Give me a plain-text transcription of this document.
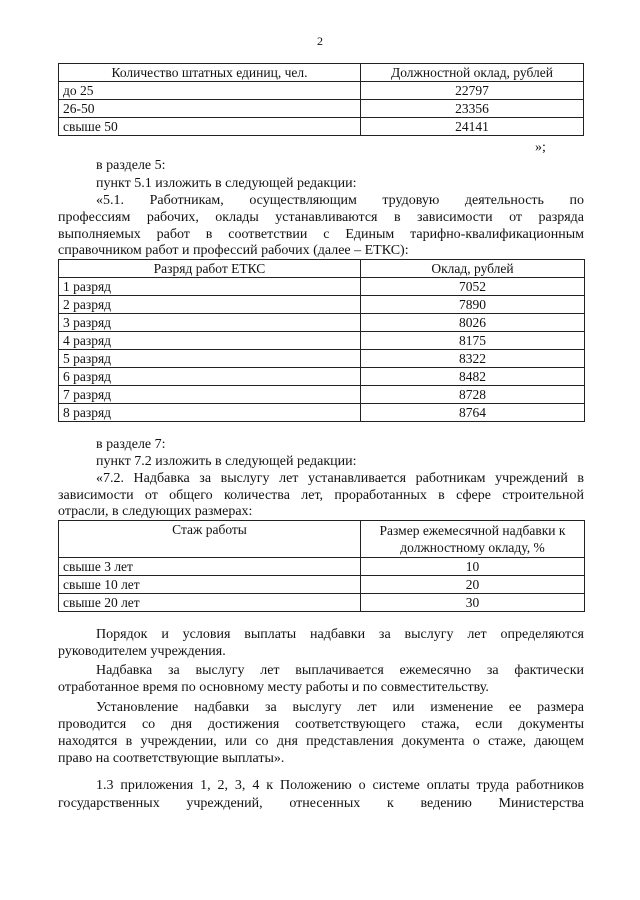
2
Количество штатных единиц, чел.	Должностной оклад, рублей
до 25	22797
26-50	23356
свыше 50	24141
»;
в разделе 5:
пункт 5.1 изложить в следующей редакции:
«5.1. Работникам, осуществляющим трудовую деятельность по
профессиям рабочих, оклады устанавливаются в зависимости от разряда
выполняемых работ в соответствии с Единым тарифно-квалификационным
справочником работ и профессий рабочих (далее – ЕТКС):
Разряд работ ЕТКС	Оклад, рублей
1 разряд	7052
2 разряд	7890
3 разряд	8026
4 разряд	8175
5 разряд	8322
6 разряд	8482
7 разряд	8728
8 разряд	8764
в разделе 7:
пункт 7.2 изложить в следующей редакции:
«7.2. Надбавка за выслугу лет устанавливается работникам учреждений в
зависимости от общего количества лет, проработанных в сфере строительной
отрасли, в следующих размерах:
Стаж работы	Размер ежемесячной надбавки к
должностному окладу, %

свыше 3 лет	10
свыше 10 лет	20
свыше 20 лет	30
Порядок и условия выплаты надбавки за выслугу лет определяются
руководителем учреждения.
Надбавка за выслугу лет выплачивается ежемесячно за фактически
отработанное время по основному месту работы и по совместительству.
Установление надбавки за выслугу лет или изменение ее размера
проводится со дня достижения соответствующего стажа, если документы
находятся в учреждении, или со дня представления документа о стаже, дающем
право на соответствующие выплаты».
1.3 приложения 1, 2, 3, 4 к Положению о системе оплаты труда работников
государственных учреждений, отнесенных к ведению Министерства
